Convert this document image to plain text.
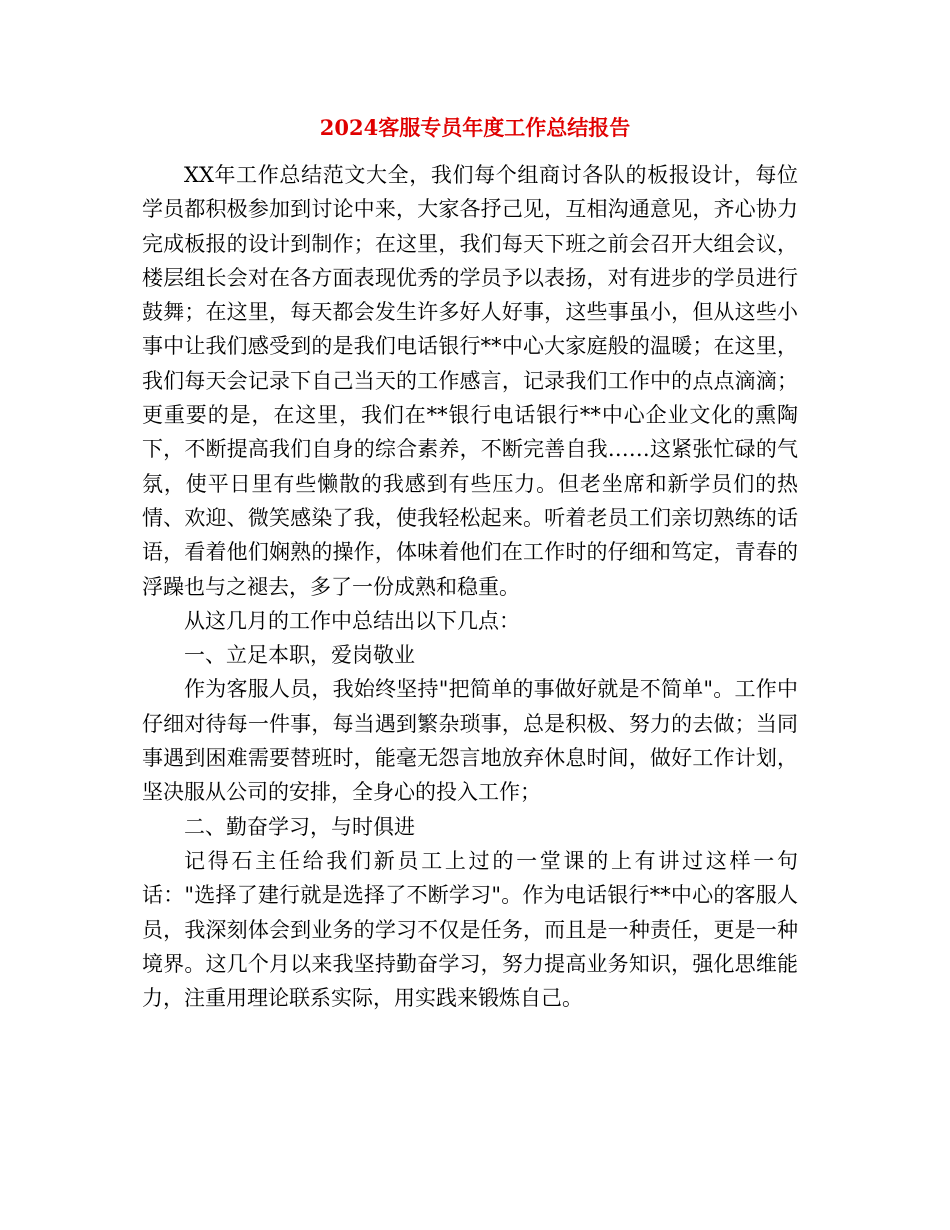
2024客服专员年度工作总结报告

XX年工作总结范文大全，我们每个组商讨各队的板报设计，每位学员都积极参加到讨论中来，大家各抒己见，互相沟通意见，齐心协力完成板报的设计到制作；在这里，我们每天下班之前会召开大组会议，楼层组长会对在各方面表现优秀的学员予以表扬，对有进步的学员进行鼓舞；在这里，每天都会发生许多好人好事，这些事虽小，但从这些小事中让我们感受到的是我们电话银行**中心大家庭般的温暖；在这里，我们每天会记录下自己当天的工作感言，记录我们工作中的点点滴滴；更重要的是，在这里，我们在**银行电话银行**中心企业文化的熏陶下，不断提高我们自身的综合素养，不断完善自我……这紧张忙碌的气氛，使平日里有些懒散的我感到有些压力。但老坐席和新学员们的热情、欢迎、微笑感染了我，使我轻松起来。听着老员工们亲切熟练的话语，看着他们娴熟的操作，体味着他们在工作时的仔细和笃定，青春的浮躁也与之褪去，多了一份成熟和稳重。

从这几月的工作中总结出以下几点：

一、立足本职，爱岗敬业

作为客服人员，我始终坚持"把简单的事做好就是不简单"。工作中仔细对待每一件事，每当遇到繁杂琐事，总是积极、努力的去做；当同事遇到困难需要替班时，能毫无怨言地放弃休息时间，做好工作计划，坚决服从公司的安排，全身心的投入工作；

二、勤奋学习，与时俱进

记得石主任给我们新员工上过的一堂课的上有讲过这样一句话："选择了建行就是选择了不断学习"。作为电话银行**中心的客服人员，我深刻体会到业务的学习不仅是任务，而且是一种责任，更是一种境界。这几个月以来我坚持勤奋学习，努力提高业务知识，强化思维能力，注重用理论联系实际，用实践来锻炼自己。
